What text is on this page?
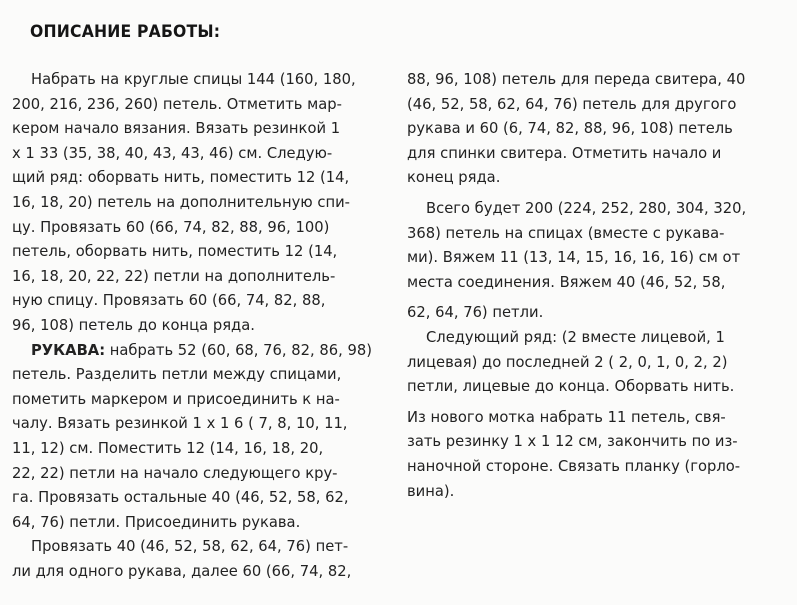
ОПИСАНИЕ РАБОТЫ:
Набрать на круглые спицы 144 (160, 180,
200, 216, 236, 260) петель. Отметить мар-
кером начало вязания. Вязать резинкой 1
х 1 33 (35, 38, 40, 43, 43, 46) см. Следую-
щий ряд: оборвать нить, поместить 12 (14,
16, 18, 20) петель на дополнительную спи-
цу. Провязать 60 (66, 74, 82, 88, 96, 100)
петель, оборвать нить, поместить 12 (14,
16, 18, 20, 22, 22) петли на дополнитель-
ную спицу. Провязать 60 (66, 74, 82, 88,
96, 108) петель до конца ряда.
РУКАВА: набрать 52 (60, 68, 76, 82, 86, 98)
петель. Разделить петли между спицами,
пометить маркером и присоединить к на-
чалу. Вязать резинкой 1 х 1 6 ( 7, 8, 10, 11,
11, 12) см. Поместить 12 (14, 16, 18, 20,
22, 22) петли на начало следующего кру-
га. Провязать остальные 40 (46, 52, 58, 62,
64, 76) петли. Присоединить рукава.
Провязать 40 (46, 52, 58, 62, 64, 76) пет-
ли для одного рукава, далее 60 (66, 74, 82,
88, 96, 108) петель для переда свитера, 40
(46, 52, 58, 62, 64, 76) петель для другого
рукава и 60 (6, 74, 82, 88, 96, 108) петель
для спинки свитера. Отметить начало и
конец ряда.
Всего будет 200 (224, 252, 280, 304, 320,
368) петель на спицах (вместе с рукава-
ми). Вяжем 11 (13, 14, 15, 16, 16, 16) см от
места соединения. Вяжем 40 (46, 52, 58,
62, 64, 76) петли.
Следующий ряд: (2 вместе лицевой, 1
лицевая) до последней 2 ( 2, 0, 1, 0, 2, 2)
петли, лицевые до конца. Оборвать нить.
Из нового мотка набрать 11 петель, свя-
зать резинку 1 х 1 12 см, закончить по из-
наночной стороне. Связать планку (горло-
вина).
